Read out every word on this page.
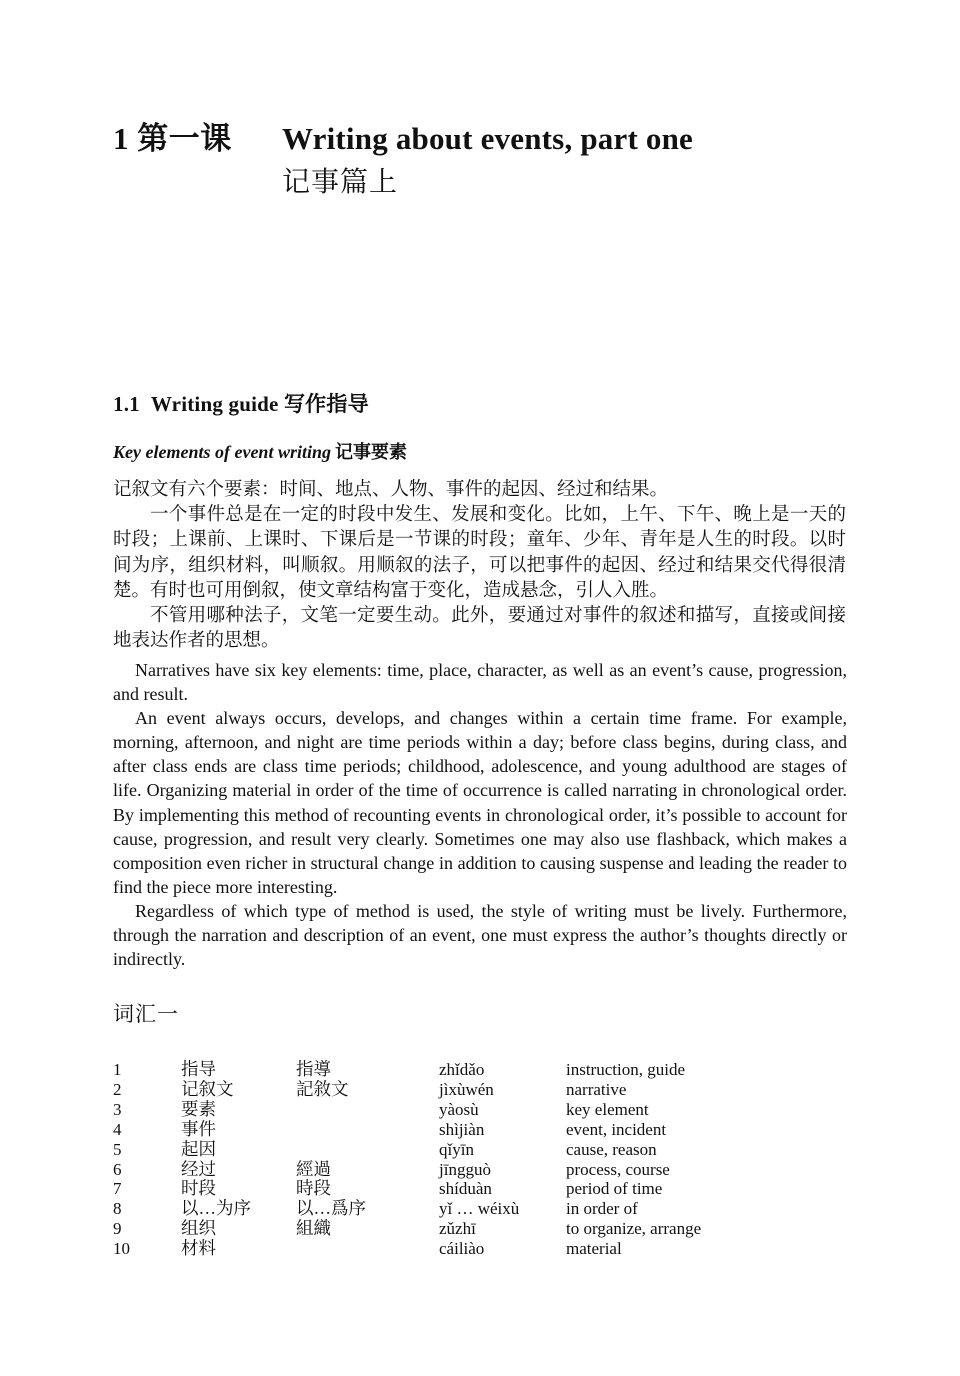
1 第一课	Writing about events, part one
记事篇上
1.1 Writing guide 写作指导
Key elements of event writing 记事要素

记叙文有六个要素：时间、地点、人物、事件的起因、经过和结果。

一个事件总是在一定的时段中发生、发展和变化。比如，上午、下午、晚上是一天的时段；上课前、上课时、下课后是一节课的时段；童年、少年、青年是人生的时段。以时间为序，组织材料，叫顺叙。用顺叙的法子，可以把事件的起因、经过和结果交代得很清楚。有时也可用倒叙，使文章结构富于变化，造成悬念，引人入胜。

不管用哪种法子，文笔一定要生动。此外，要通过对事件的叙述和描写，直接或间接地表达作者的思想。

Narratives have six key elements: time, place, character, as well as an event’s cause, progression, and result.

An event always occurs, develops, and changes within a certain time frame. For example, morning, afternoon, and night are time periods within a day; before class begins, during class, and after class ends are class time periods; childhood, adolescence, and young adulthood are stages of life. Organizing material in order of the time of occurrence is called narrating in chronological order. By implementing this method of recounting events in chronological order, it’s possible to account for cause, progression, and result very clearly. Sometimes one may also use flashback, which makes a composition even richer in structural change in addition to causing suspense and leading the reader to find the piece more interesting.

Regardless of which type of method is used, the style of writing must be lively. Furthermore, through the narration and description of an event, one must express the author’s thoughts directly or indirectly.

词汇一
1	指导	指導	zhǐdǎo	instruction, guide
2	记叙文	記敘文	jìxùwén	narrative
3	要素		yàosù	key element
4	事件		shìjiàn	event, incident
5	起因		qǐyīn	cause, reason
6	经过	經過	jīngguò	process, course
7	时段	時段	shíduàn	period of time
8	以…为序	以…爲序	yǐ … wéixù	in order of
9	组织	組織	zǔzhī	to organize, arrange
10	材料		cáiliào	material
